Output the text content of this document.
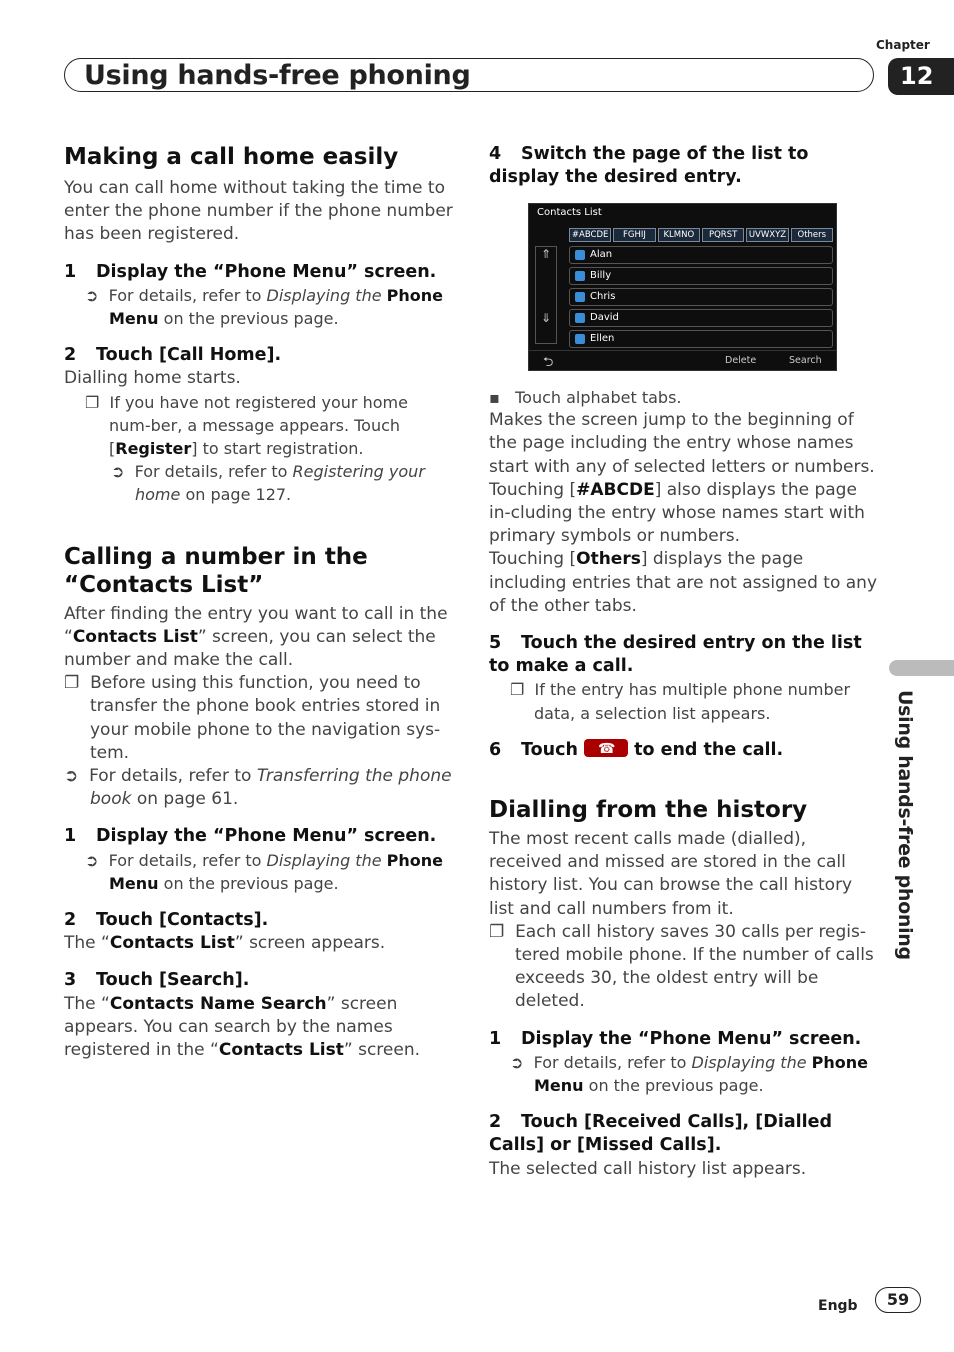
Chapter
Using hands-free phoning	12
Using hands-free phoning
Making a call home easily

You can call home without taking the time to enter the phone number if the phone number has been registered.

1 Display the “Phone Menu” screen.

➲  For details, refer to Displaying the Phone Menu on the previous page.

2 Touch [Call Home].

Dialling home starts.

❐  If you have not registered your home num-ber, a message appears. Touch [Register] to start registration.

➲  For details, refer to Registering your home on page 127.

Calling a number in the “Contacts List”

After finding the entry you want to call in the “Contacts List” screen, you can select the number and make the call.

❐  Before using this function, you need to transfer the phone book entries stored in your mobile phone to the navigation sys-tem.

➲  For details, refer to Transferring the phone book on page 61.

1 Display the “Phone Menu” screen.

➲  For details, refer to Displaying the Phone Menu on the previous page.

2 Touch [Contacts].

The “Contacts List” screen appears.

3 Touch [Search].

The “Contacts Name Search” screen appears. You can search by the names registered in the “Contacts List” screen.

4 Switch the page of the list to display the desired entry.

Contacts List
#ABCDE	FGHIJ	KLMNO	PQRST	UVWXYZ	Others
⇑
⇓
Alan
Billy
Chris
David
Ellen
⮌	Delete	Search

▪   Touch alphabet tabs.

Makes the screen jump to the beginning of the page including the entry whose names start with any of selected letters or numbers.

Touching [#ABCDE] also displays the page in-cluding the entry whose names start with primary symbols or numbers.

Touching [Others] displays the page including entries that are not assigned to any of the other tabs.

5 Touch the desired entry on the list to make a call.

❐  If the entry has multiple phone number data, a selection list appears.

6 Touch ☎	to end the call.

Dialling from the history

The most recent calls made (dialled), received and missed are stored in the call history list. You can browse the call history list and call numbers from it.

❐  Each call history saves 30 calls per regis-tered mobile phone. If the number of calls exceeds 30, the oldest entry will be deleted.

1 Display the “Phone Menu” screen.

➲  For details, refer to Displaying the Phone Menu on the previous page.

2 Touch [Received Calls], [Dialled Calls] or [Missed Calls].

The selected call history list appears.

Engb	59
